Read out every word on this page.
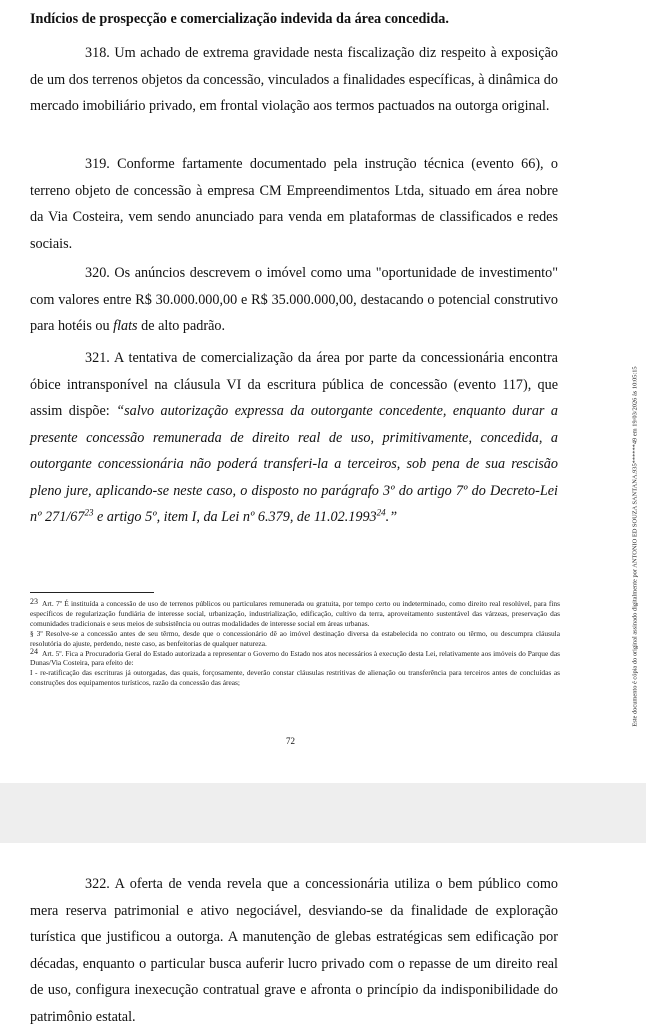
Indícios de prospecção e comercialização indevida da área concedida.

318. Um achado de extrema gravidade nesta fiscalização diz respeito à exposição de um dos terrenos objetos da concessão, vinculados a finalidades específicas, à dinâmica do mercado imobiliário privado, em frontal violação aos termos pactuados na outorga original.

319. Conforme fartamente documentado pela instrução técnica (evento 66), o terreno objeto de concessão à empresa CM Empreendimentos Ltda, situado em área nobre da Via Costeira, vem sendo anunciado para venda em plataformas de classificados e redes sociais.

320. Os anúncios descrevem o imóvel como uma "oportunidade de investimento" com valores entre R$ 30.000.000,00 e R$ 35.000.000,00, destacando o potencial construtivo para hotéis ou flats de alto padrão.

321. A tentativa de comercialização da área por parte da concessionária encontra óbice intransponível na cláusula VI da escritura pública de concessão (evento 117), que assim dispõe: “salvo autorização expressa da outorgante concedente, enquanto durar a presente concessão remunerada de direito real de uso, primitivamente, concedida, a outorgante concessionária não poderá transferi-la a terceiros, sob pena de sua rescisão pleno jure, aplicando-se neste caso, o disposto no parágrafo 3º do artigo 7º do Decreto-Lei nº $271/67^{23}$ e artigo 5º, item I, da Lei nº 6.379, de 11.02.1993$^{24}$.”

23 Art. 7º É instituída a concessão de uso de terrenos públicos ou particulares remunerada ou gratuita, por tempo certo ou indeterminado, como direito real resolúvel, para fins específicos de regularização fundiária de interesse social, urbanização, industrialização, edificação, cultivo da terra, aproveitamento sustentável das várzeas, preservação das comunidades tradicionais e seus meios de subsistência ou outras modalidades de interesse social em áreas urbanas.

§ 3º Resolve-se a concessão antes de seu têrmo, desde que o concessionário dê ao imóvel destinação diversa da estabelecida no contrato ou têrmo, ou descumpra cláusula resolutória do ajuste, perdendo, neste caso, as benfeitorias de qualquer natureza.

24 Art. 5º. Fica a Procuradoria Geral do Estado autorizada a representar o Governo do Estado nos atos necessários à execução desta Lei, relativamente aos imóveis do Parque das Dunas/Via Costeira, para efeito de:

I - re-ratificação das escrituras já outorgadas, das quais, forçosamente, deverão constar cláusulas restritivas de alienação ou transferência para terceiros antes de concluídas as construções dos equipamentos turísticos, razão da concessão das áreas;

72
Este documento é cópia do original assinado digitalmente por ANTONIO ED SOUZA SANTANA.935******49 em 19/03/2026 às 10:05:15

322. A oferta de venda revela que a concessionária utiliza o bem público como mera reserva patrimonial e ativo negociável, desviando-se da finalidade de exploração turística que justificou a outorga. A manutenção de glebas estratégicas sem edificação por décadas, enquanto o particular busca auferir lucro privado com o repasse de um direito real de uso, configura inexecução contratual grave e afronta o princípio da indisponibilidade do patrimônio estatal.
